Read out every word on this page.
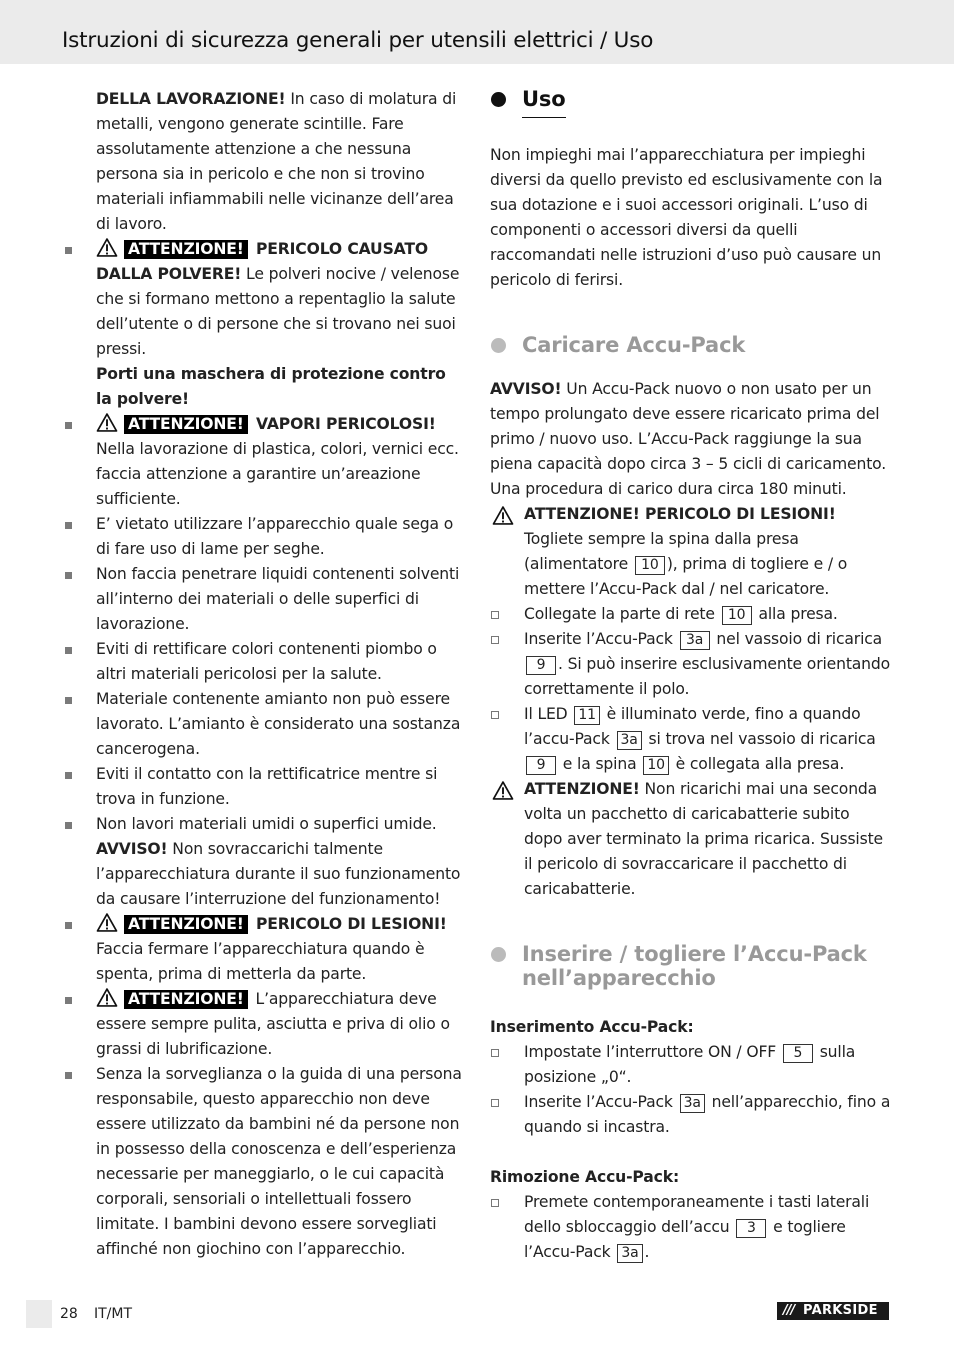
Istruzioni di sicurezza generali per utensili elettrici / Uso

DELLA LAVORAZIONE! In caso di molatura di metalli, vengono generate scintille. Fare assolutamente attenzione a che nessuna persona sia in pericolo e che non si trovino materiali infiammabili nelle vicinanze dell’area di lavoro.

ATTENZIONE! PERICOLO CAUSATO DALLA POLVERE! Le polveri nocive / velenose che si formano mettono a repentaglio la salute dell’utente o di persone che si trovano nei suoi pressi.

Porti una maschera di protezione contro la polvere!

ATTENZIONE! VAPORI PERICOLOSI! Nella lavorazione di plastica, colori, vernici ecc. faccia attenzione a garantire un’areazione sufficiente.

E’ vietato utilizzare l’apparecchio quale sega o di fare uso di lame per seghe.

Non faccia penetrare liquidi contenenti solventi all’interno dei materiali o delle superfici di lavorazione.

Eviti di rettificare colori contenenti piombo o altri materiali pericolosi per la salute.

Materiale contenente amianto non può essere lavorato. L’amianto è considerato una sostanza cancerogena.

Eviti il contatto con la rettificatrice mentre si trova in funzione.

Non lavori materiali umidi o superfici umide.

AVVISO! Non sovraccarichi talmente l’apparecchiatura durante il suo funzionamento da causare l’interruzione del funzionamento!

ATTENZIONE! PERICOLO DI LESIONI! Faccia fermare l’apparecchiatura quando è spenta, prima di metterla da parte.

ATTENZIONE! L’apparecchiatura deve essere sempre pulita, asciutta e priva di olio o grassi di lubrificazione.

Senza la sorveglianza o la guida di una persona responsabile, questo apparecchio non deve essere utilizzato da bambini né da persone non in possesso della conoscenza e dell’esperienza necessarie per maneggiarlo, o le cui capacità corporali, sensoriali o intellettuali fossero limitate. I bambini devono essere sorvegliati affinché non giochino con l’apparecchio.

Uso

Non impieghi mai l’apparecchiatura per impieghi diversi da quello previsto ed esclusivamente con la sua dotazione e i suoi accessori originali. L’uso di componenti o accessori diversi da quelli raccomandati nelle istruzioni d’uso può causare un pericolo di ferirsi.

Caricare Accu-Pack

AVVISO! Un Accu-Pack nuovo o non usato per un tempo prolungato deve essere ricaricato prima del primo / nuovo uso. L’Accu-Pack raggiunge la sua piena capacità dopo circa 3 – 5 cicli di caricamento. Una procedura di carico dura circa 180 minuti.

ATTENZIONE! PERICOLO DI LESIONI! Togliete sempre la spina dalla presa (alimentatore 10 ), prima di togliere e / o mettere l’Accu-Pack dal / nel caricatore.

Collegate la parte di rete 10 alla presa.

Inserite l’Accu-Pack 3a nel vassoio di ricarica 9 . Si può inserire esclusivamente orientando correttamente il polo.

Il LED 11 è illuminato verde, fino a quando l’accu-Pack 3a si trova nel vassoio di ricarica 9 e la spina 10 è collegata alla presa.

ATTENZIONE! Non ricarichi mai una seconda volta un pacchetto di caricabatterie subito dopo aver terminato la prima ricarica. Sussiste il pericolo di sovraccaricare il pacchetto di caricabatterie.

Inserire / togliere l’Accu-Pack nell’apparecchio

Inserimento Accu-Pack:

Impostate l’interruttore ON / OFF 5 sulla posizione „0“.

Inserite l’Accu-Pack 3a nell’apparecchio, fino a quando si incastra.

Rimozione Accu-Pack:

Premete contemporaneamente i tasti laterali dello sbloccaggio dell’accu 3 e togliere l’Accu-Pack 3a .

28 IT/MT	/// PARKSIDE
